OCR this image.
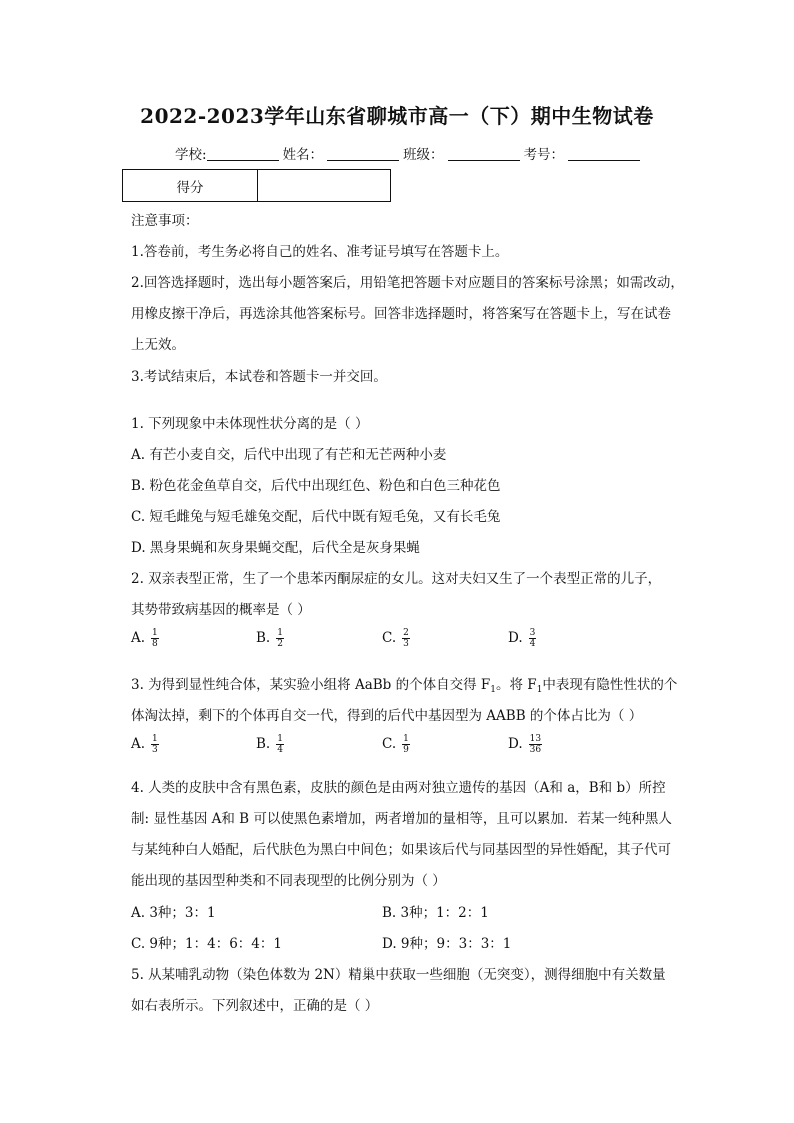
2022-2023学年山东省聊城市高一（下）期中生物试卷
学校:	姓名：	班级：	考号：
得分	
注意事项：
1.答卷前，考生务必将自己的姓名、准考证号填写在答题卡上。
2.回答选择题时，选出每小题答案后，用铅笔把答题卡对应题目的答案标号涂黑；如需改动，
用橡皮擦干净后，再选涂其他答案标号。回答非选择题时，将答案写在答题卡上，写在试卷
上无效。
3.考试结束后，本试卷和答题卡一并交回。
1. 下列现象中未体现性状分离的是（ ）
A. 有芒小麦自交，后代中出现了有芒和无芒两种小麦
B. 粉色花金鱼草自交，后代中出现红色、粉色和白色三种花色
C. 短毛雌兔与短毛雄兔交配，后代中既有短毛兔，又有长毛兔
D. 黑身果蝇和灰身果蝇交配，后代全是灰身果蝇
2. 双亲表型正常，生了一个患苯丙酮尿症的女儿。这对夫妇又生了一个表型正常的儿子，
其势带致病基因的概率是（ ）
A. $\frac{1}{8}$	B. $\frac{1}{2}$	C. $\frac{2}{3}$	D. $\frac{3}{4}$
3. 为得到显性纯合体，某实验小组将 AaBb 的个体自交得 $F_1$。将 $F_1$中表现有隐性性状的个
体淘汰掉，剩下的个体再自交一代，得到的后代中基因型为 AABB 的个体占比为（ ）
A. $\frac{1}{3}$	B. $\frac{1}{4}$	C. $\frac{1}{9}$	D. $\frac{13}{36}$
4. 人类的皮肤中含有黑色素，皮肤的颜色是由两对独立遗传的基因（A和 a，B和 b）所控
制: 显性基因 A和 B 可以使黑色素增加，两者增加的量相等，且可以累加．若某一纯种黑人
与某纯种白人婚配，后代肤色为黑白中间色；如果该后代与同基因型的异性婚配，其子代可
能出现的基因型种类和不同表现型的比例分别为（ ）
A. 3种；3：1	B. 3种；1：2：1
C. 9种；1：4：6：4：1	D. 9种；9：3：3：1
5. 从某哺乳动物（染色体数为 2N）精巢中获取一些细胞（无突变），测得细胞中有关数量
如右表所示。下列叙述中，正确的是（ ）
